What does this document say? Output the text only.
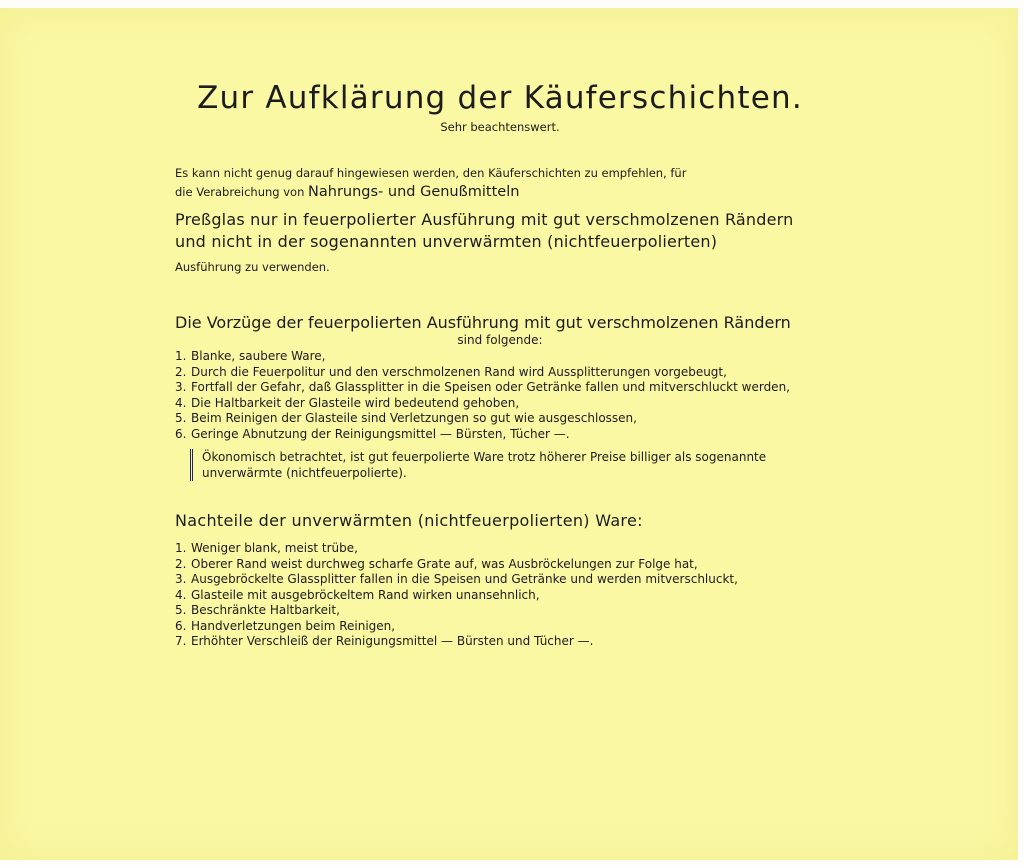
Zur Aufklärung der Käuferschichten.

Sehr beachtenswert.

Es kann nicht genug darauf hingewiesen werden, den Käuferschichten zu empfehlen, für

die Verabreichung von Nahrungs- und Genußmitteln

Preßglas nur in feuerpolierter Ausführung mit gut verschmolzenen Rändern
und nicht in der sogenannten unverwärmten (nichtfeuerpolierten)

Ausführung zu verwenden.

Die Vorzüge der feuerpolierten Ausführung mit gut verschmolzenen Rändern

sind folgende:

1. Blanke, saubere Ware,
2. Durch die Feuerpolitur und den verschmolzenen Rand wird Aussplitterungen vorgebeugt,
3. Fortfall der Gefahr, daß Glassplitter in die Speisen oder Getränke fallen und mitverschluckt werden,
4. Die Haltbarkeit der Glasteile wird bedeutend gehoben,
5. Beim Reinigen der Glasteile sind Verletzungen so gut wie ausgeschlossen,
6. Geringe Abnutzung der Reinigungsmittel — Bürsten, Tücher —.

Ökonomisch betrachtet, ist gut feuerpolierte Ware trotz höherer Preise billiger als sogenannte unverwärmte (nichtfeuerpolierte).

Nachteile der unverwärmten (nichtfeuerpolierten) Ware:

1. Weniger blank, meist trübe,
2. Oberer Rand weist durchweg scharfe Grate auf, was Ausbröckelungen zur Folge hat,
3. Ausgebröckelte Glassplitter fallen in die Speisen und Getränke und werden mitverschluckt,
4. Glasteile mit ausgebröckeltem Rand wirken unansehnlich,
5. Beschränkte Haltbarkeit,
6. Handverletzungen beim Reinigen,
7. Erhöhter Verschleiß der Reinigungsmittel — Bürsten und Tücher —.
